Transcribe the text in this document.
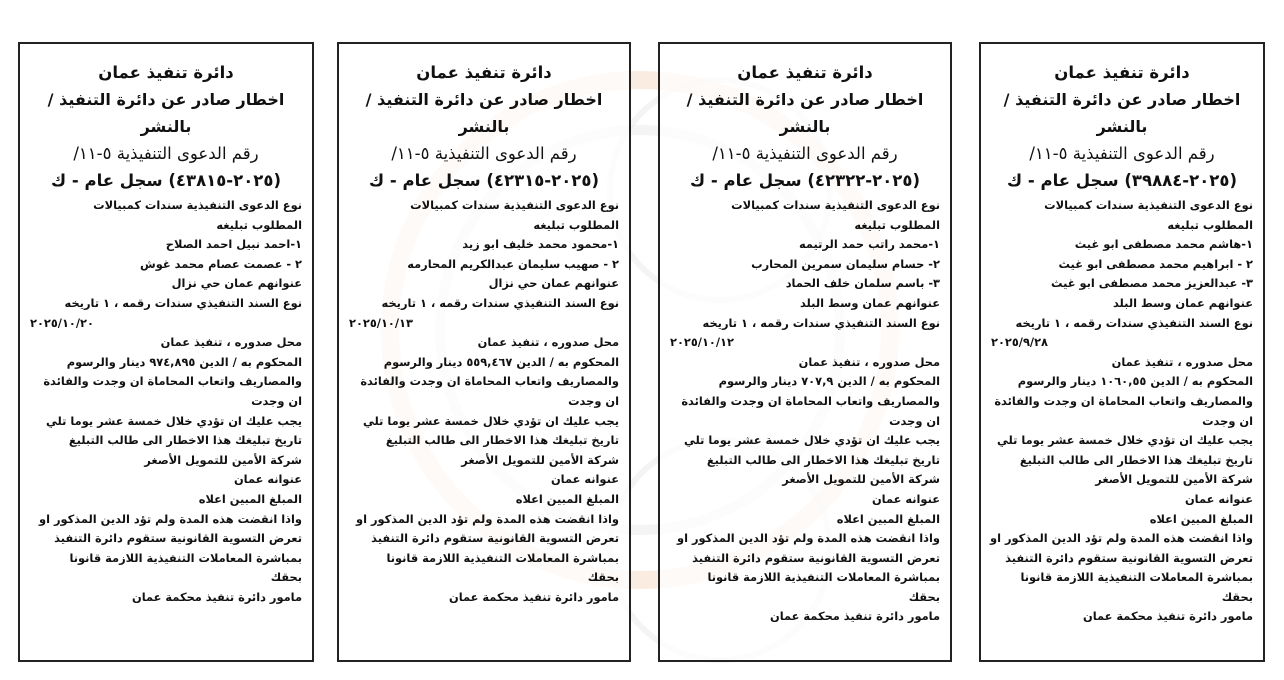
دائرة تنفيذ عمان
اخطار صادر عن دائرة التنفيذ / بالنشر
رقم الدعوى التنفيذية ٥-١١/
(٢٠٢٥-٣٩٨٨٤) سجل عام - ك
نوع الدعوى التنفيذية سندات كمبيالات
المطلوب تبليغه
١-هاشم محمد مصطفى ابو غيث
٢ - ابراهيم محمد مصطفى ابو غيث
٣- عبدالعزيز محمد مصطفى ابو غيث
عنوانهم عمان وسط البلد
نوع السند التنفيذي سندات رقمه ، ١ تاريخه
٢٠٢٥/٩/٢٨
محل صدوره ، تنفيذ عمان
المحكوم به / الدين ١٠٦٠,٥٥ دينار والرسوم
والمصاريف واتعاب المحاماة ان وجدت والفائدة
ان وجدت
يجب عليك ان تؤدي خلال خمسة عشر يوما تلي
تاريخ تبليغك هذا الاخطار الى طالب التبليغ
شركة الأمين للتمويل الأصغر
عنوانه عمان
المبلغ المبين اعلاه
واذا انقضت هذه المدة ولم تؤد الدين المذكور او
تعرض التسوية القانونية ستقوم دائرة التنفيذ
بمباشرة المعاملات التنفيذية اللازمة قانونا
بحقك
مامور دائرة تنفيذ محكمة عمان
دائرة تنفيذ عمان
اخطار صادر عن دائرة التنفيذ / بالنشر
رقم الدعوى التنفيذية ٥-١١/
(٢٠٢٥-٤٢٣٢٢) سجل عام - ك
نوع الدعوى التنفيذية سندات كمبيالات
المطلوب تبليغه
١-محمد راتب حمد الرتيمه
٢- حسام سليمان سمرين المحارب
٣- باسم سلمان خلف الحماد
عنوانهم عمان وسط البلد
نوع السند التنفيذي سندات رقمه ، ١ تاريخه
٢٠٢٥/١٠/١٢
محل صدوره ، تنفيذ عمان
المحكوم به / الدين ٧٠٧,٩ دينار والرسوم
والمصاريف واتعاب المحاماة ان وجدت والفائدة
ان وجدت
يجب عليك ان تؤدي خلال خمسة عشر يوما تلي
تاريخ تبليغك هذا الاخطار الى طالب التبليغ
شركة الأمين للتمويل الأصغر
عنوانه عمان
المبلغ المبين اعلاه
واذا انقضت هذه المدة ولم تؤد الدين المذكور او
تعرض التسوية القانونية ستقوم دائرة التنفيذ
بمباشرة المعاملات التنفيذية اللازمة قانونا
بحقك
مامور دائرة تنفيذ محكمة عمان
دائرة تنفيذ عمان
اخطار صادر عن دائرة التنفيذ / بالنشر
رقم الدعوى التنفيذية ٥-١١/
(٢٠٢٥-٤٢٣١٥) سجل عام - ك
نوع الدعوى التنفيذية سندات كمبيالات
المطلوب تبليغه
١-محمود محمد خليف ابو زيد
٢ - صهيب سليمان عبدالكريم المحارمه
عنوانهم عمان حي نزال
نوع السند التنفيذي سندات رقمه ، ١ تاريخه
٢٠٢٥/١٠/١٣
محل صدوره ، تنفيذ عمان
المحكوم به / الدين ٥٥٩,٤٦٧ دينار والرسوم
والمصاريف واتعاب المحاماة ان وجدت والفائدة
ان وجدت
يجب عليك ان تؤدي خلال خمسة عشر يوما تلي
تاريخ تبليغك هذا الاخطار الى طالب التبليغ
شركة الأمين للتمويل الأصغر
عنوانه عمان
المبلغ المبين اعلاه
واذا انقضت هذه المدة ولم تؤد الدين المذكور او
تعرض التسوية القانونية ستقوم دائرة التنفيذ
بمباشرة المعاملات التنفيذية اللازمة قانونا
بحقك
مامور دائرة تنفيذ محكمة عمان
دائرة تنفيذ عمان
اخطار صادر عن دائرة التنفيذ / بالنشر
رقم الدعوى التنفيذية ٥-١١/
(٢٠٢٥-٤٣٨١٥) سجل عام - ك
نوع الدعوى التنفيذية سندات كمبيالات
المطلوب تبليغه
١-احمد نبيل احمد الصلاح
٢ - عصمت عصام محمد غوش
عنوانهم عمان حي نزال
نوع السند التنفيذي سندات رقمه ، ١ تاريخه
٢٠٢٥/١٠/٢٠
محل صدوره ، تنفيذ عمان
المحكوم به / الدين ٩٧٤,٨٩٥ دينار والرسوم
والمصاريف واتعاب المحاماة ان وجدت والفائدة
ان وجدت
يجب عليك ان تؤدي خلال خمسة عشر يوما تلي
تاريخ تبليغك هذا الاخطار الى طالب التبليغ
شركة الأمين للتمويل الأصغر
عنوانه عمان
المبلغ المبين اعلاه
واذا انقضت هذه المدة ولم تؤد الدين المذكور او
تعرض التسوية القانونية ستقوم دائرة التنفيذ
بمباشرة المعاملات التنفيذية اللازمة قانونا
بحقك
مامور دائرة تنفيذ محكمة عمان
